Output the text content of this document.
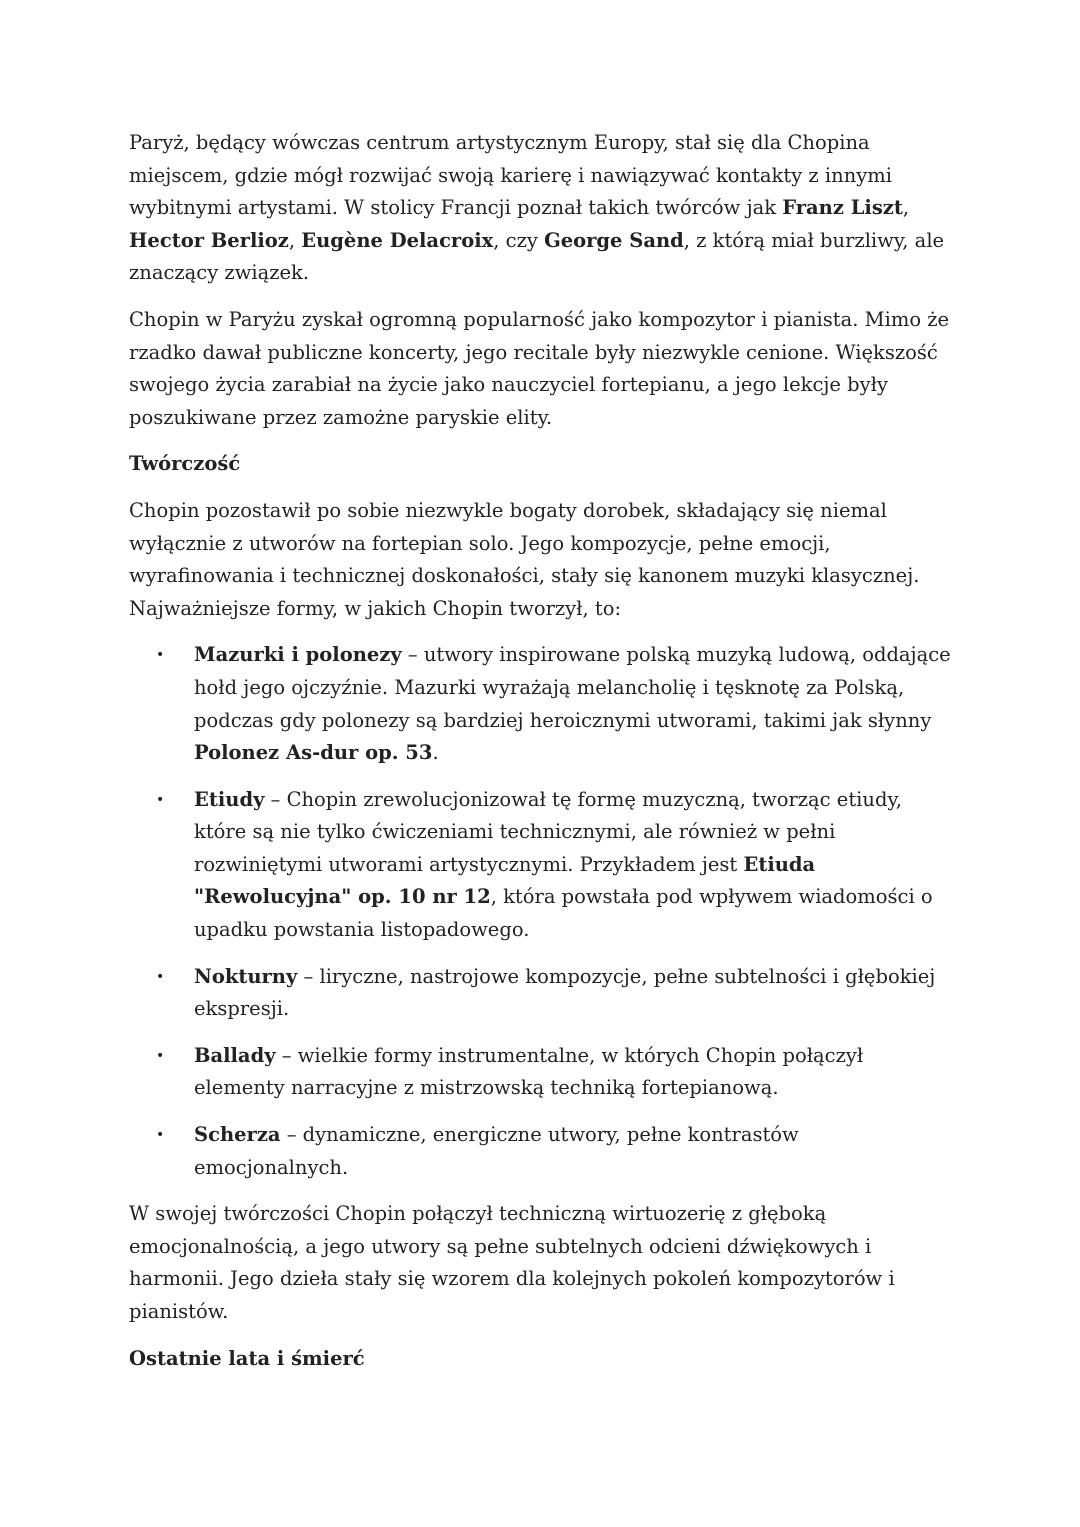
Paryż, będący wówczas centrum artystycznym Europy, stał się dla Chopina miejscem, gdzie mógł rozwijać swoją karierę i nawiązywać kontakty z innymi wybitnymi artystami. W stolicy Francji poznał takich twórców jak Franz Liszt, Hector Berlioz, Eugène Delacroix, czy George Sand, z którą miał burzliwy, ale znaczący związek.

Chopin w Paryżu zyskał ogromną popularność jako kompozytor i pianista. Mimo że rzadko dawał publiczne koncerty, jego recitale były niezwykle cenione. Większość swojego życia zarabiał na życie jako nauczyciel fortepianu, a jego lekcje były poszukiwane przez zamożne paryskie elity.

Twórczość

Chopin pozostawił po sobie niezwykle bogaty dorobek, składający się niemal wyłącznie z utworów na fortepian solo. Jego kompozycje, pełne emocji, wyrafinowania i technicznej doskonałości, stały się kanonem muzyki klasycznej. Najważniejsze formy, w jakich Chopin tworzył, to:

• Mazurki i polonezy – utwory inspirowane polską muzyką ludową, oddające hołd jego ojczyźnie. Mazurki wyrażają melancholię i tęsknotę za Polską, podczas gdy polonezy są bardziej heroicznymi utworami, takimi jak słynny Polonez As-dur op. 53.
• Etiudy – Chopin zrewolucjonizował tę formę muzyczną, tworząc etiudy, które są nie tylko ćwiczeniami technicznymi, ale również w pełni rozwiniętymi utworami artystycznymi. Przykładem jest Etiuda "Rewolucyjna" op. 10 nr 12, która powstała pod wpływem wiadomości o upadku powstania listopadowego.
• Nokturny – liryczne, nastrojowe kompozycje, pełne subtelności i głębokiej ekspresji.
• Ballady – wielkie formy instrumentalne, w których Chopin połączył elementy narracyjne z mistrzowską techniką fortepianową.
• Scherza – dynamiczne, energiczne utwory, pełne kontrastów emocjonalnych.

W swojej twórczości Chopin połączył techniczną wirtuozerię z głęboką emocjonalnością, a jego utwory są pełne subtelnych odcieni dźwiękowych i harmonii. Jego dzieła stały się wzorem dla kolejnych pokoleń kompozytorów i pianistów.

Ostatnie lata i śmierć
